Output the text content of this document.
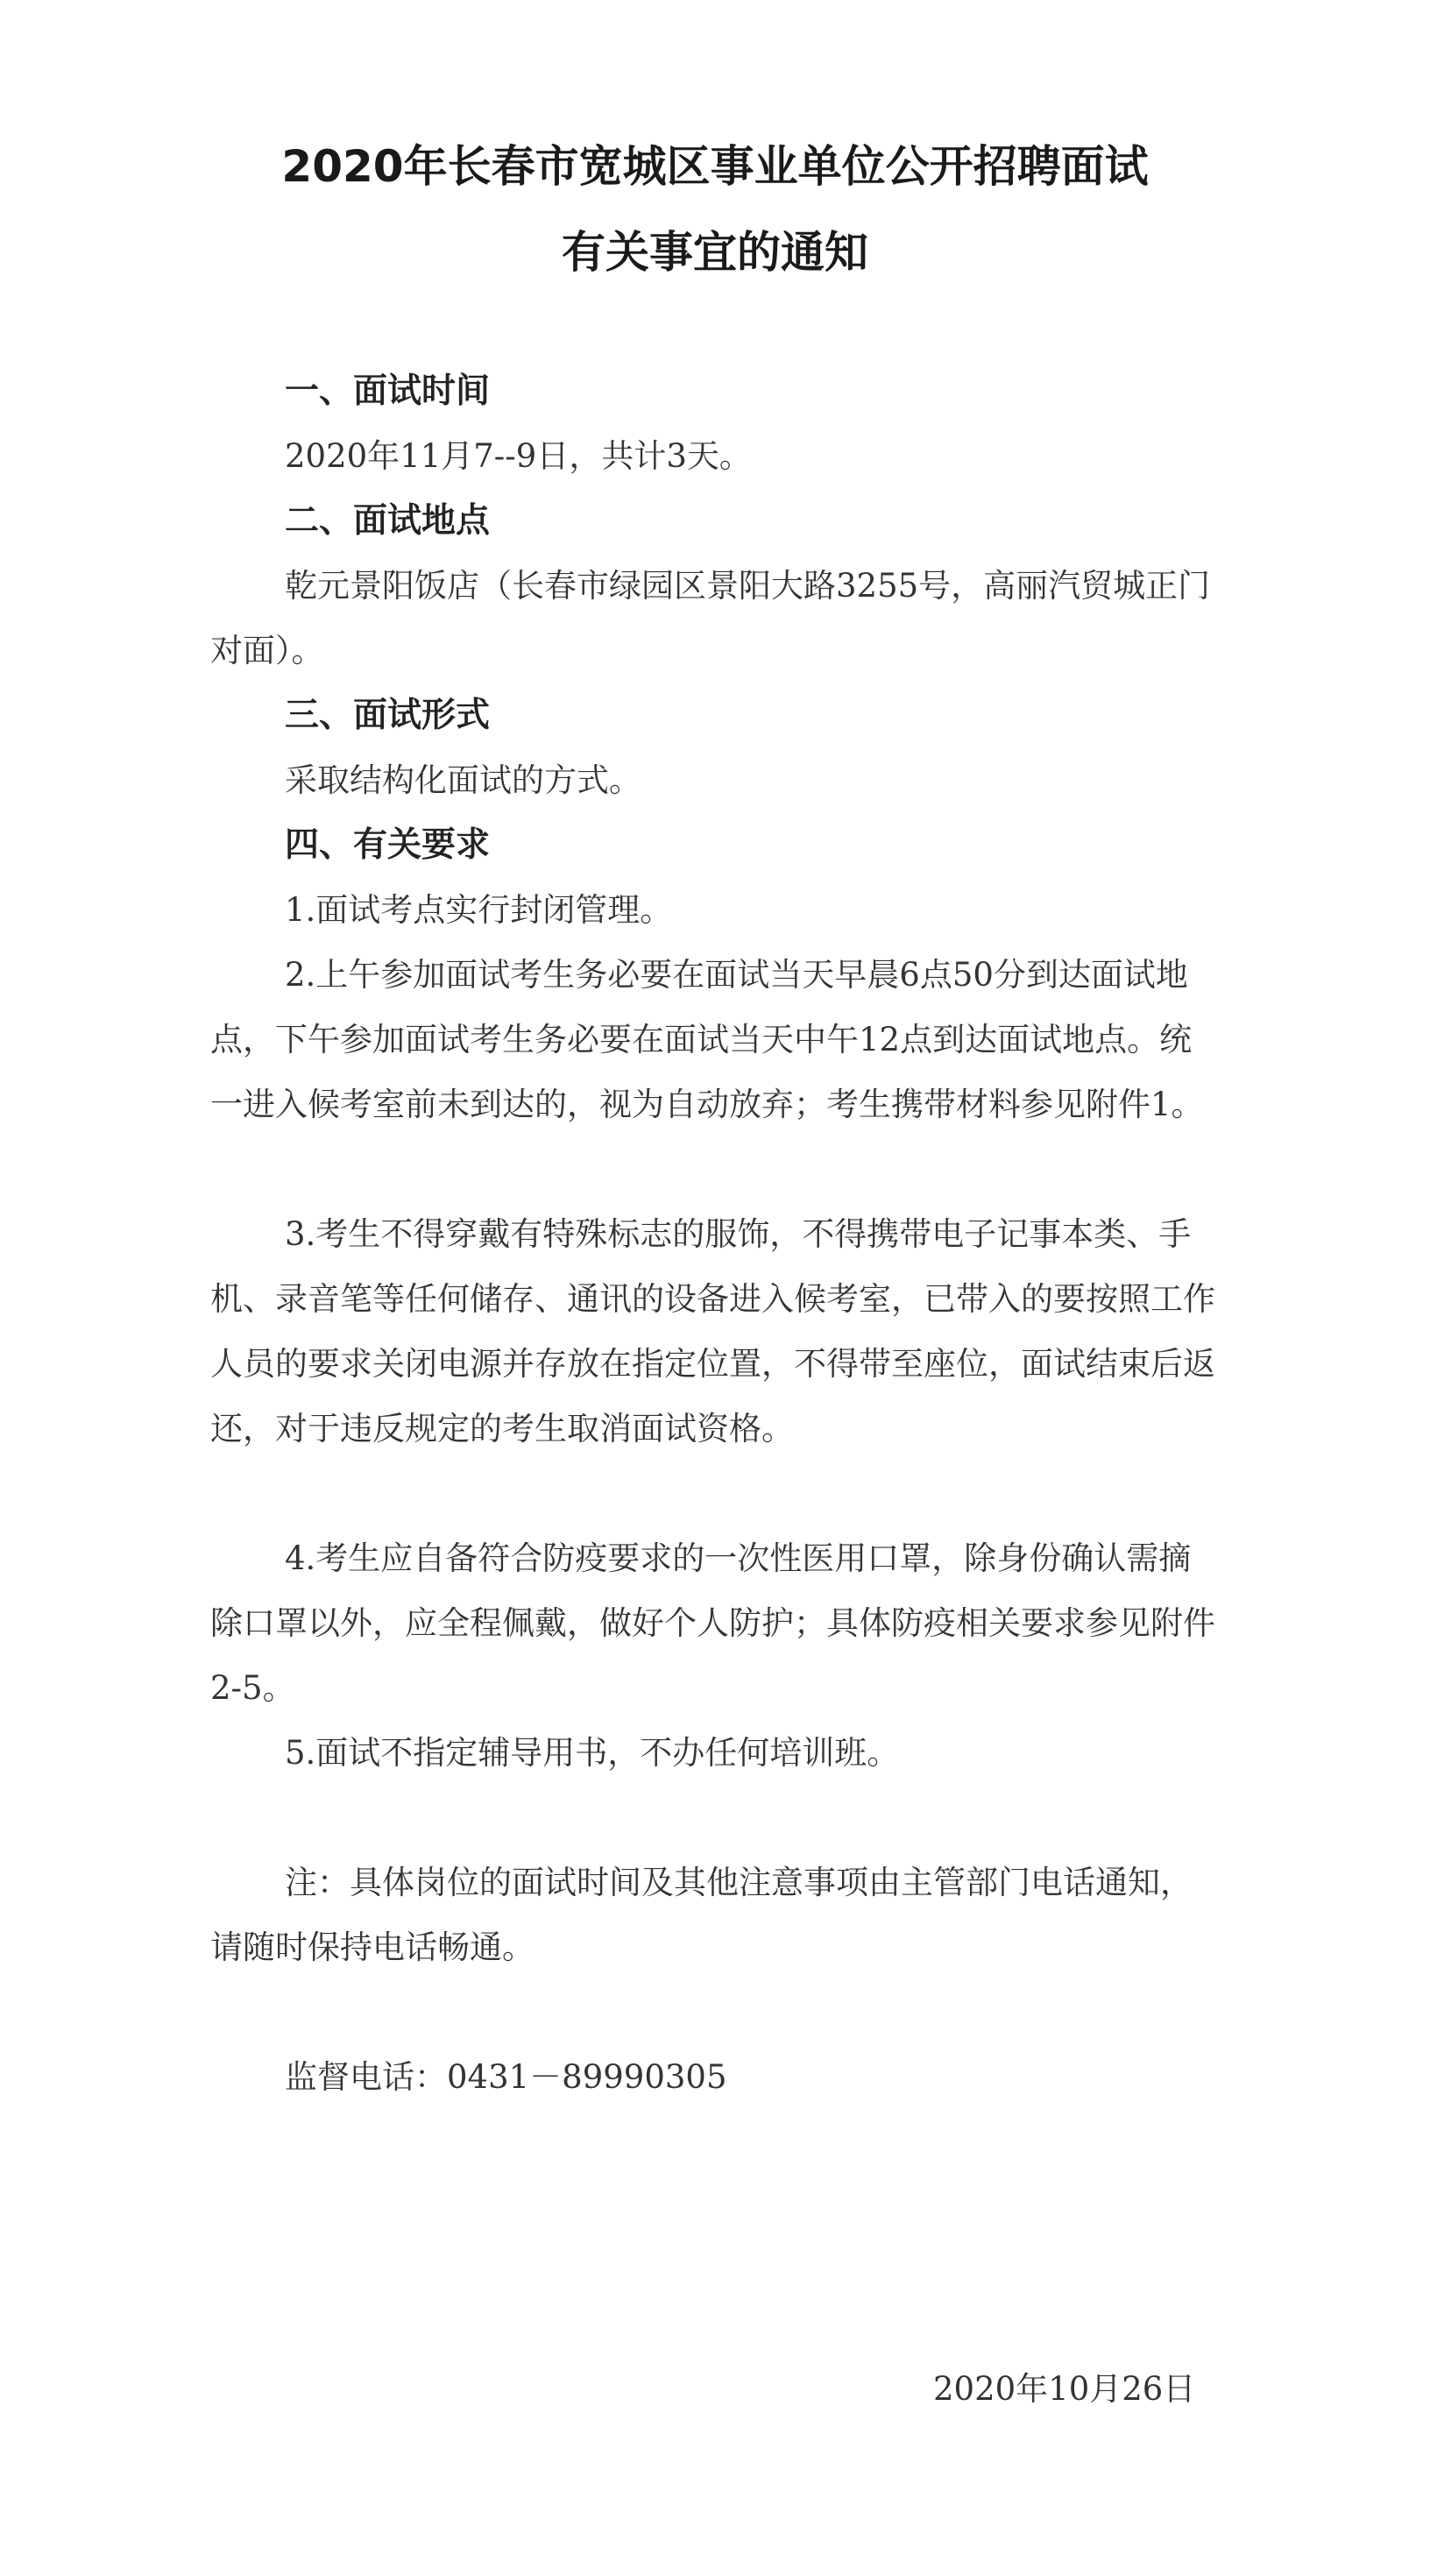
2020年长春市宽城区事业单位公开招聘面试
有关事宜的通知

一、面试时间

2020年11月7--9日，共计3天。

二、面试地点

乾元景阳饭店（长春市绿园区景阳大路3255号，高丽汽贸城正门对面）。

三、面试形式

采取结构化面试的方式。

四、有关要求

1.面试考点实行封闭管理。

2.上午参加面试考生务必要在面试当天早晨6点50分到达面试地点，下午参加面试考生务必要在面试当天中午12点到达面试地点。统一进入候考室前未到达的，视为自动放弃；考生携带材料参见附件1。

3.考生不得穿戴有特殊标志的服饰，不得携带电子记事本类、手机、录音笔等任何储存、通讯的设备进入候考室，已带入的要按照工作人员的要求关闭电源并存放在指定位置，不得带至座位，面试结束后返还，对于违反规定的考生取消面试资格。

4.考生应自备符合防疫要求的一次性医用口罩，除身份确认需摘除口罩以外，应全程佩戴，做好个人防护；具体防疫相关要求参见附件2-5。

5.面试不指定辅导用书，不办任何培训班。

注：具体岗位的面试时间及其他注意事项由主管部门电话通知，请随时保持电话畅通。

监督电话：0431－89990305

2020年10月26日
